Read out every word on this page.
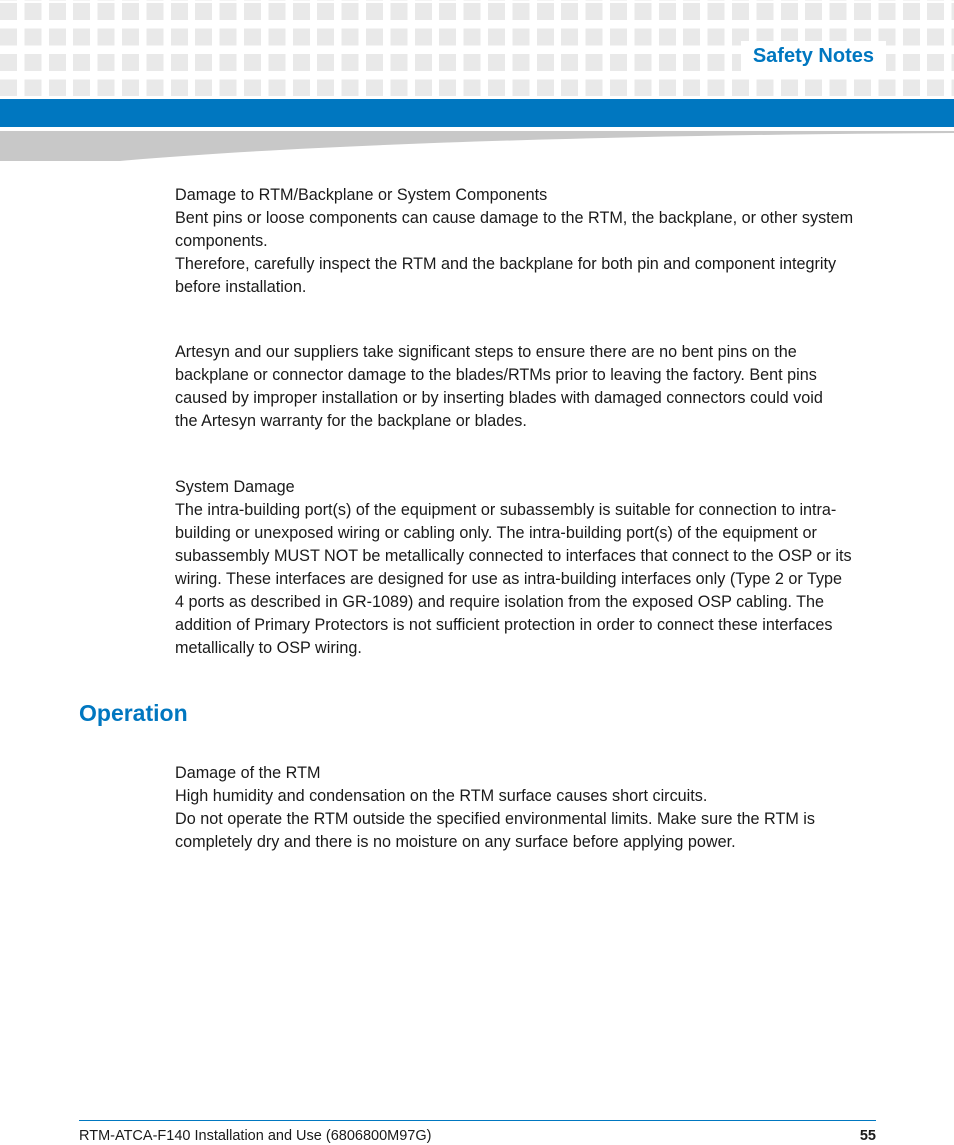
Safety Notes

Damage to RTM/Backplane or System Components

Bent pins or loose components can cause damage to the RTM, the backplane, or other system

components.

Therefore, carefully inspect the RTM and the backplane for both pin and component integrity

before installation.

Artesyn and our suppliers take significant steps to ensure there are no bent pins on the

backplane or connector damage to the blades/RTMs prior to leaving the factory. Bent pins

caused by improper installation or by inserting blades with damaged connectors could void

the Artesyn warranty for the backplane or blades.

System Damage

The intra-building port(s) of the equipment or subassembly is suitable for connection to intra-

building or unexposed wiring or cabling only. The intra-building port(s) of the equipment or

subassembly MUST NOT be metallically connected to interfaces that connect to the OSP or its

wiring. These interfaces are designed for use as intra-building interfaces only (Type 2 or Type

4 ports as described in GR-1089) and require isolation from the exposed OSP cabling. The

addition of Primary Protectors is not sufficient protection in order to connect these interfaces

metallically to OSP wiring.

Operation

Damage of the RTM

High humidity and condensation on the RTM surface causes short circuits.

Do not operate the RTM outside the specified environmental limits. Make sure the RTM is

completely dry and there is no moisture on any surface before applying power.

RTM-ATCA-F140 Installation and Use (6806800M97G)	55
